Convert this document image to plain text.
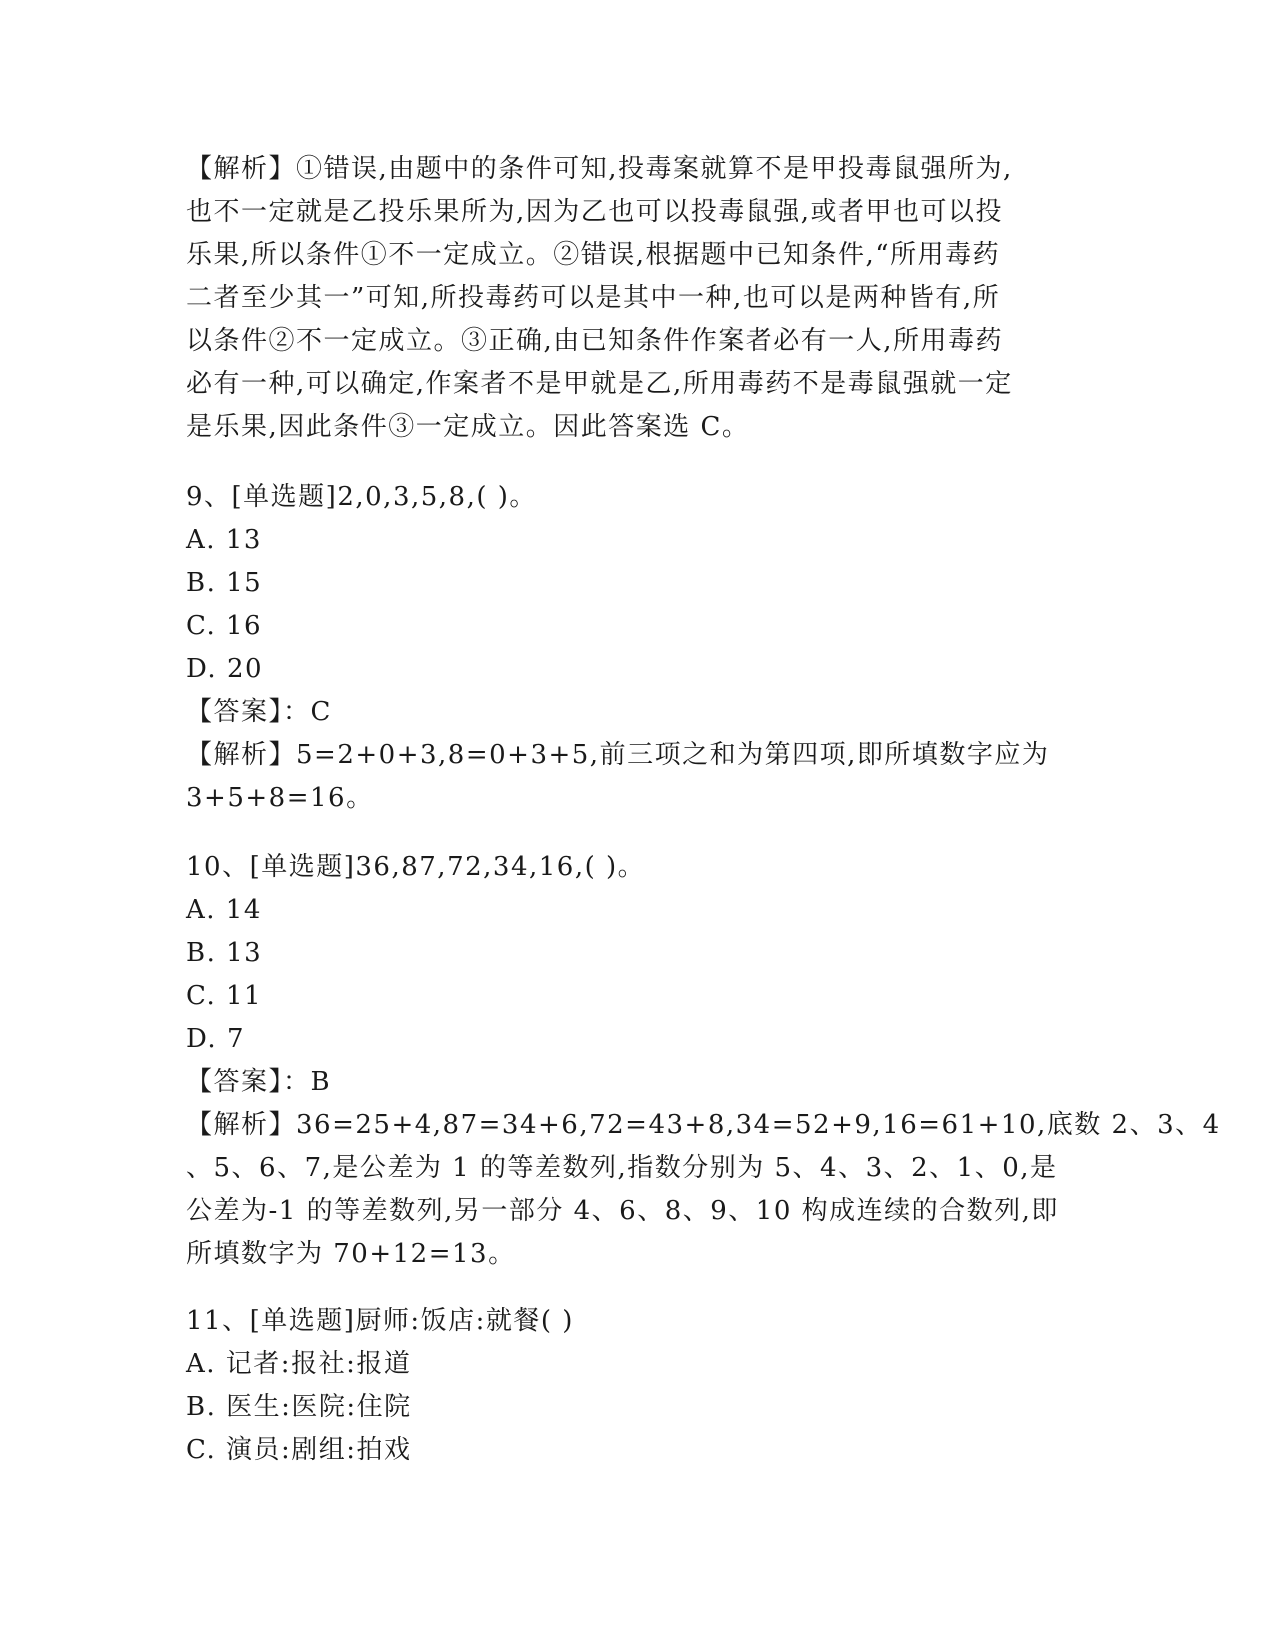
【解析】①错误,由题中的条件可知,投毒案就算不是甲投毒鼠强所为,
也不一定就是乙投乐果所为,因为乙也可以投毒鼠强,或者甲也可以投
乐果,所以条件①不一定成立。②错误,根据题中已知条件,“所用毒药
二者至少其一”可知,所投毒药可以是其中一种,也可以是两种皆有,所
以条件②不一定成立。③正确,由已知条件作案者必有一人,所用毒药
必有一种,可以确定,作案者不是甲就是乙,所用毒药不是毒鼠强就一定
是乐果,因此条件③一定成立。因此答案选 C。
9、[单选题]2,0,3,5,8,( )。
A. 13
B. 15
C. 16
D. 20
【答案】：C
【解析】5=2+0+3,8=0+3+5,前三项之和为第四项,即所填数字应为
3+5+8=16。
10、[单选题]36,87,72,34,16,( )。
A. 14
B. 13
C. 11
D. 7
【答案】：B
【解析】36=25+4,87=34+6,72=43+8,34=52+9,16=61+10,底数 2、3、4
、5、6、7,是公差为 1 的等差数列,指数分别为 5、4、3、2、1、0,是
公差为-1 的等差数列,另一部分 4、6、8、9、10 构成连续的合数列,即
所填数字为 70+12=13。
11、[单选题]厨师:饭店:就餐( )
A. 记者:报社:报道
B. 医生:医院:住院
C. 演员:剧组:拍戏
